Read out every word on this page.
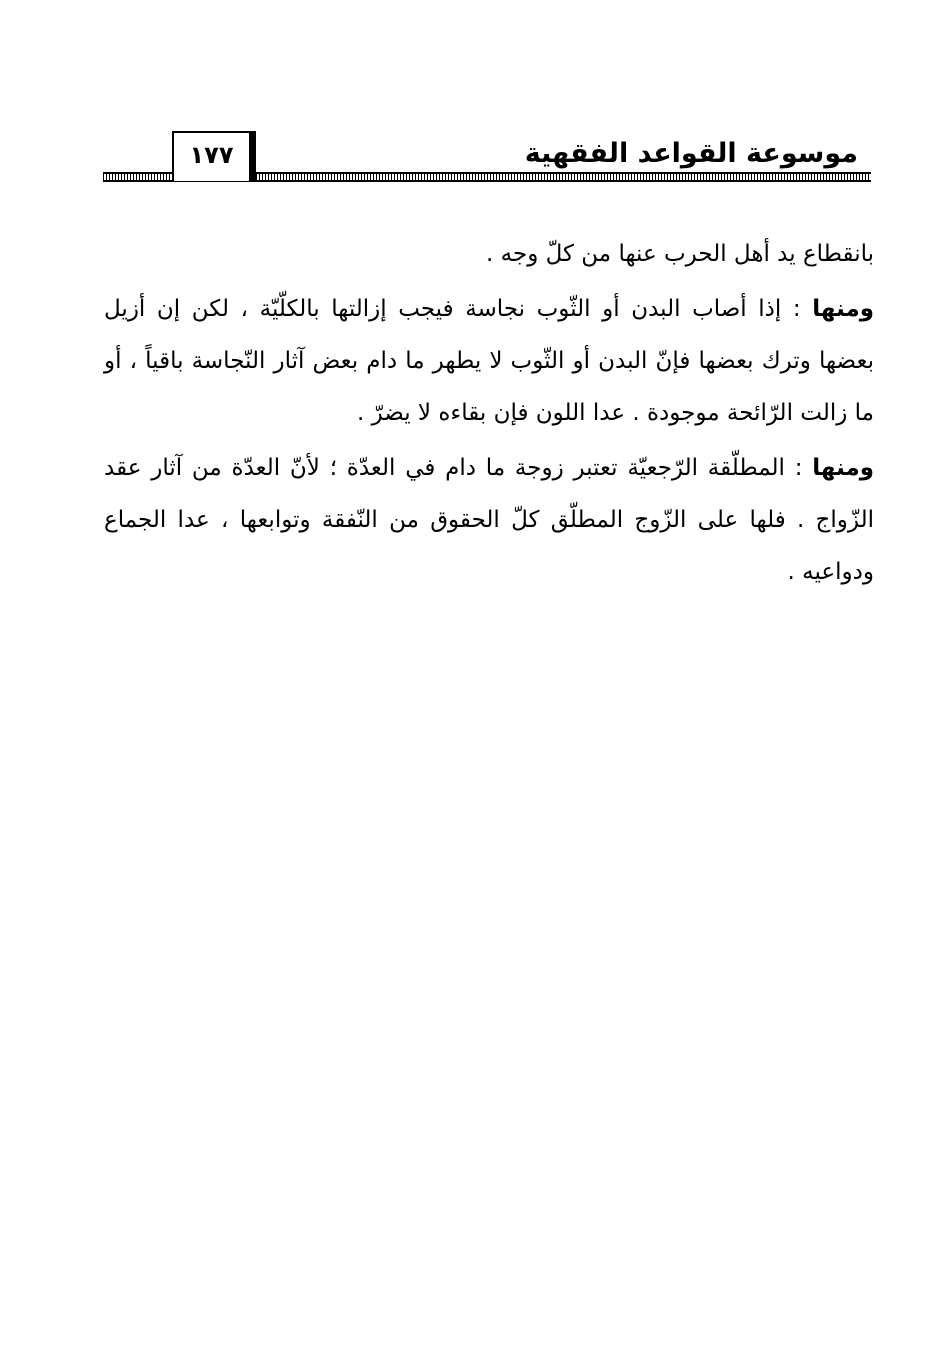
موسوعة القواعد الفقهية
١٧٧

بانقطاع يد أهل الحرب عنها من كلّ وجه .

ومنها : إذا أصاب البدن أو الثّوب نجاسة فيجب إزالتها بالكلّيّة ، لكن إن أزيل بعضها وترك بعضها فإنّ البدن أو الثّوب لا يطهر ما دام بعض آثار النّجاسة باقياً ، أو ما زالت الرّائحة موجودة . عدا اللون فإن بقاءه لا يضرّ .

ومنها : المطلّقة الرّجعيّة تعتبر زوجة ما دام في العدّة ؛ لأنّ العدّة من آثار عقد الزّواج . فلها على الزّوج المطلّق كلّ الحقوق من النّفقة وتوابعها ، عدا الجماع ودواعيه .
